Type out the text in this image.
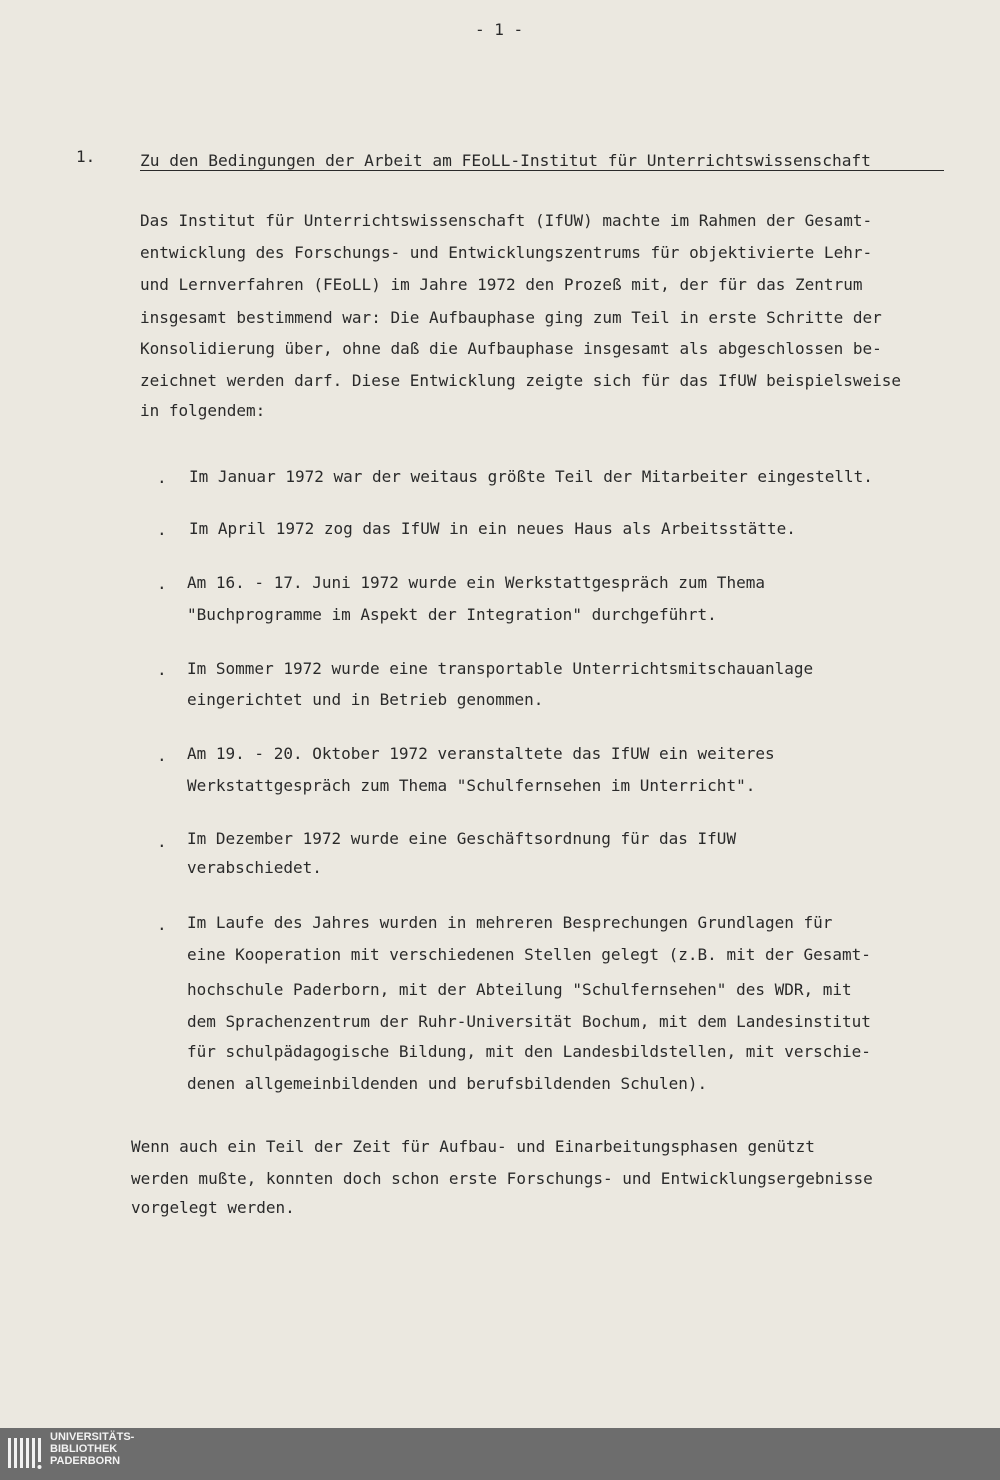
- 1 -
1.	Zu den Bedingungen der Arbeit am FEoLL-Institut für Unterrichtswissenschaft
Das Institut für Unterrichtswissenschaft (IfUW) machte im Rahmen der Gesamt-
entwicklung des Forschungs- und Entwicklungszentrums für objektivierte Lehr-
und Lernverfahren (FEoLL) im Jahre 1972 den Prozeß mit, der für das Zentrum
insgesamt bestimmend war: Die Aufbauphase ging zum Teil in erste Schritte der
Konsolidierung über, ohne daß die Aufbauphase insgesamt als abgeschlossen be-
zeichnet werden darf. Diese Entwicklung zeigte sich für das IfUW beispielsweise
in folgendem:
. Im Januar 1972 war der weitaus größte Teil der Mitarbeiter eingestellt.
. Im April 1972 zog das IfUW in ein neues Haus als Arbeitsstätte.
. Am 16. - 17. Juni 1972 wurde ein Werkstattgespräch zum Thema
"Buchprogramme im Aspekt der Integration" durchgeführt.
. Im Sommer 1972 wurde eine transportable Unterrichtsmitschauanlage
eingerichtet und in Betrieb genommen.
. Am 19. - 20. Oktober 1972 veranstaltete das IfUW ein weiteres
Werkstattgespräch zum Thema "Schulfernsehen im Unterricht".
. Im Dezember 1972 wurde eine Geschäftsordnung für das IfUW
verabschiedet.
. Im Laufe des Jahres wurden in mehreren Besprechungen Grundlagen für
eine Kooperation mit verschiedenen Stellen gelegt (z.B. mit der Gesamt-
hochschule Paderborn, mit der Abteilung "Schulfernsehen" des WDR, mit
dem Sprachenzentrum der Ruhr-Universität Bochum, mit dem Landesinstitut
für schulpädagogische Bildung, mit den Landesbildstellen, mit verschie-
denen allgemeinbildenden und berufsbildenden Schulen).
Wenn auch ein Teil der Zeit für Aufbau- und Einarbeitungsphasen genützt
werden mußte, konnten doch schon erste Forschungs- und Entwicklungsergebnisse
vorgelegt werden.
UNIVERSITÄTS-
BIBLIOTHEK
PADERBORN
